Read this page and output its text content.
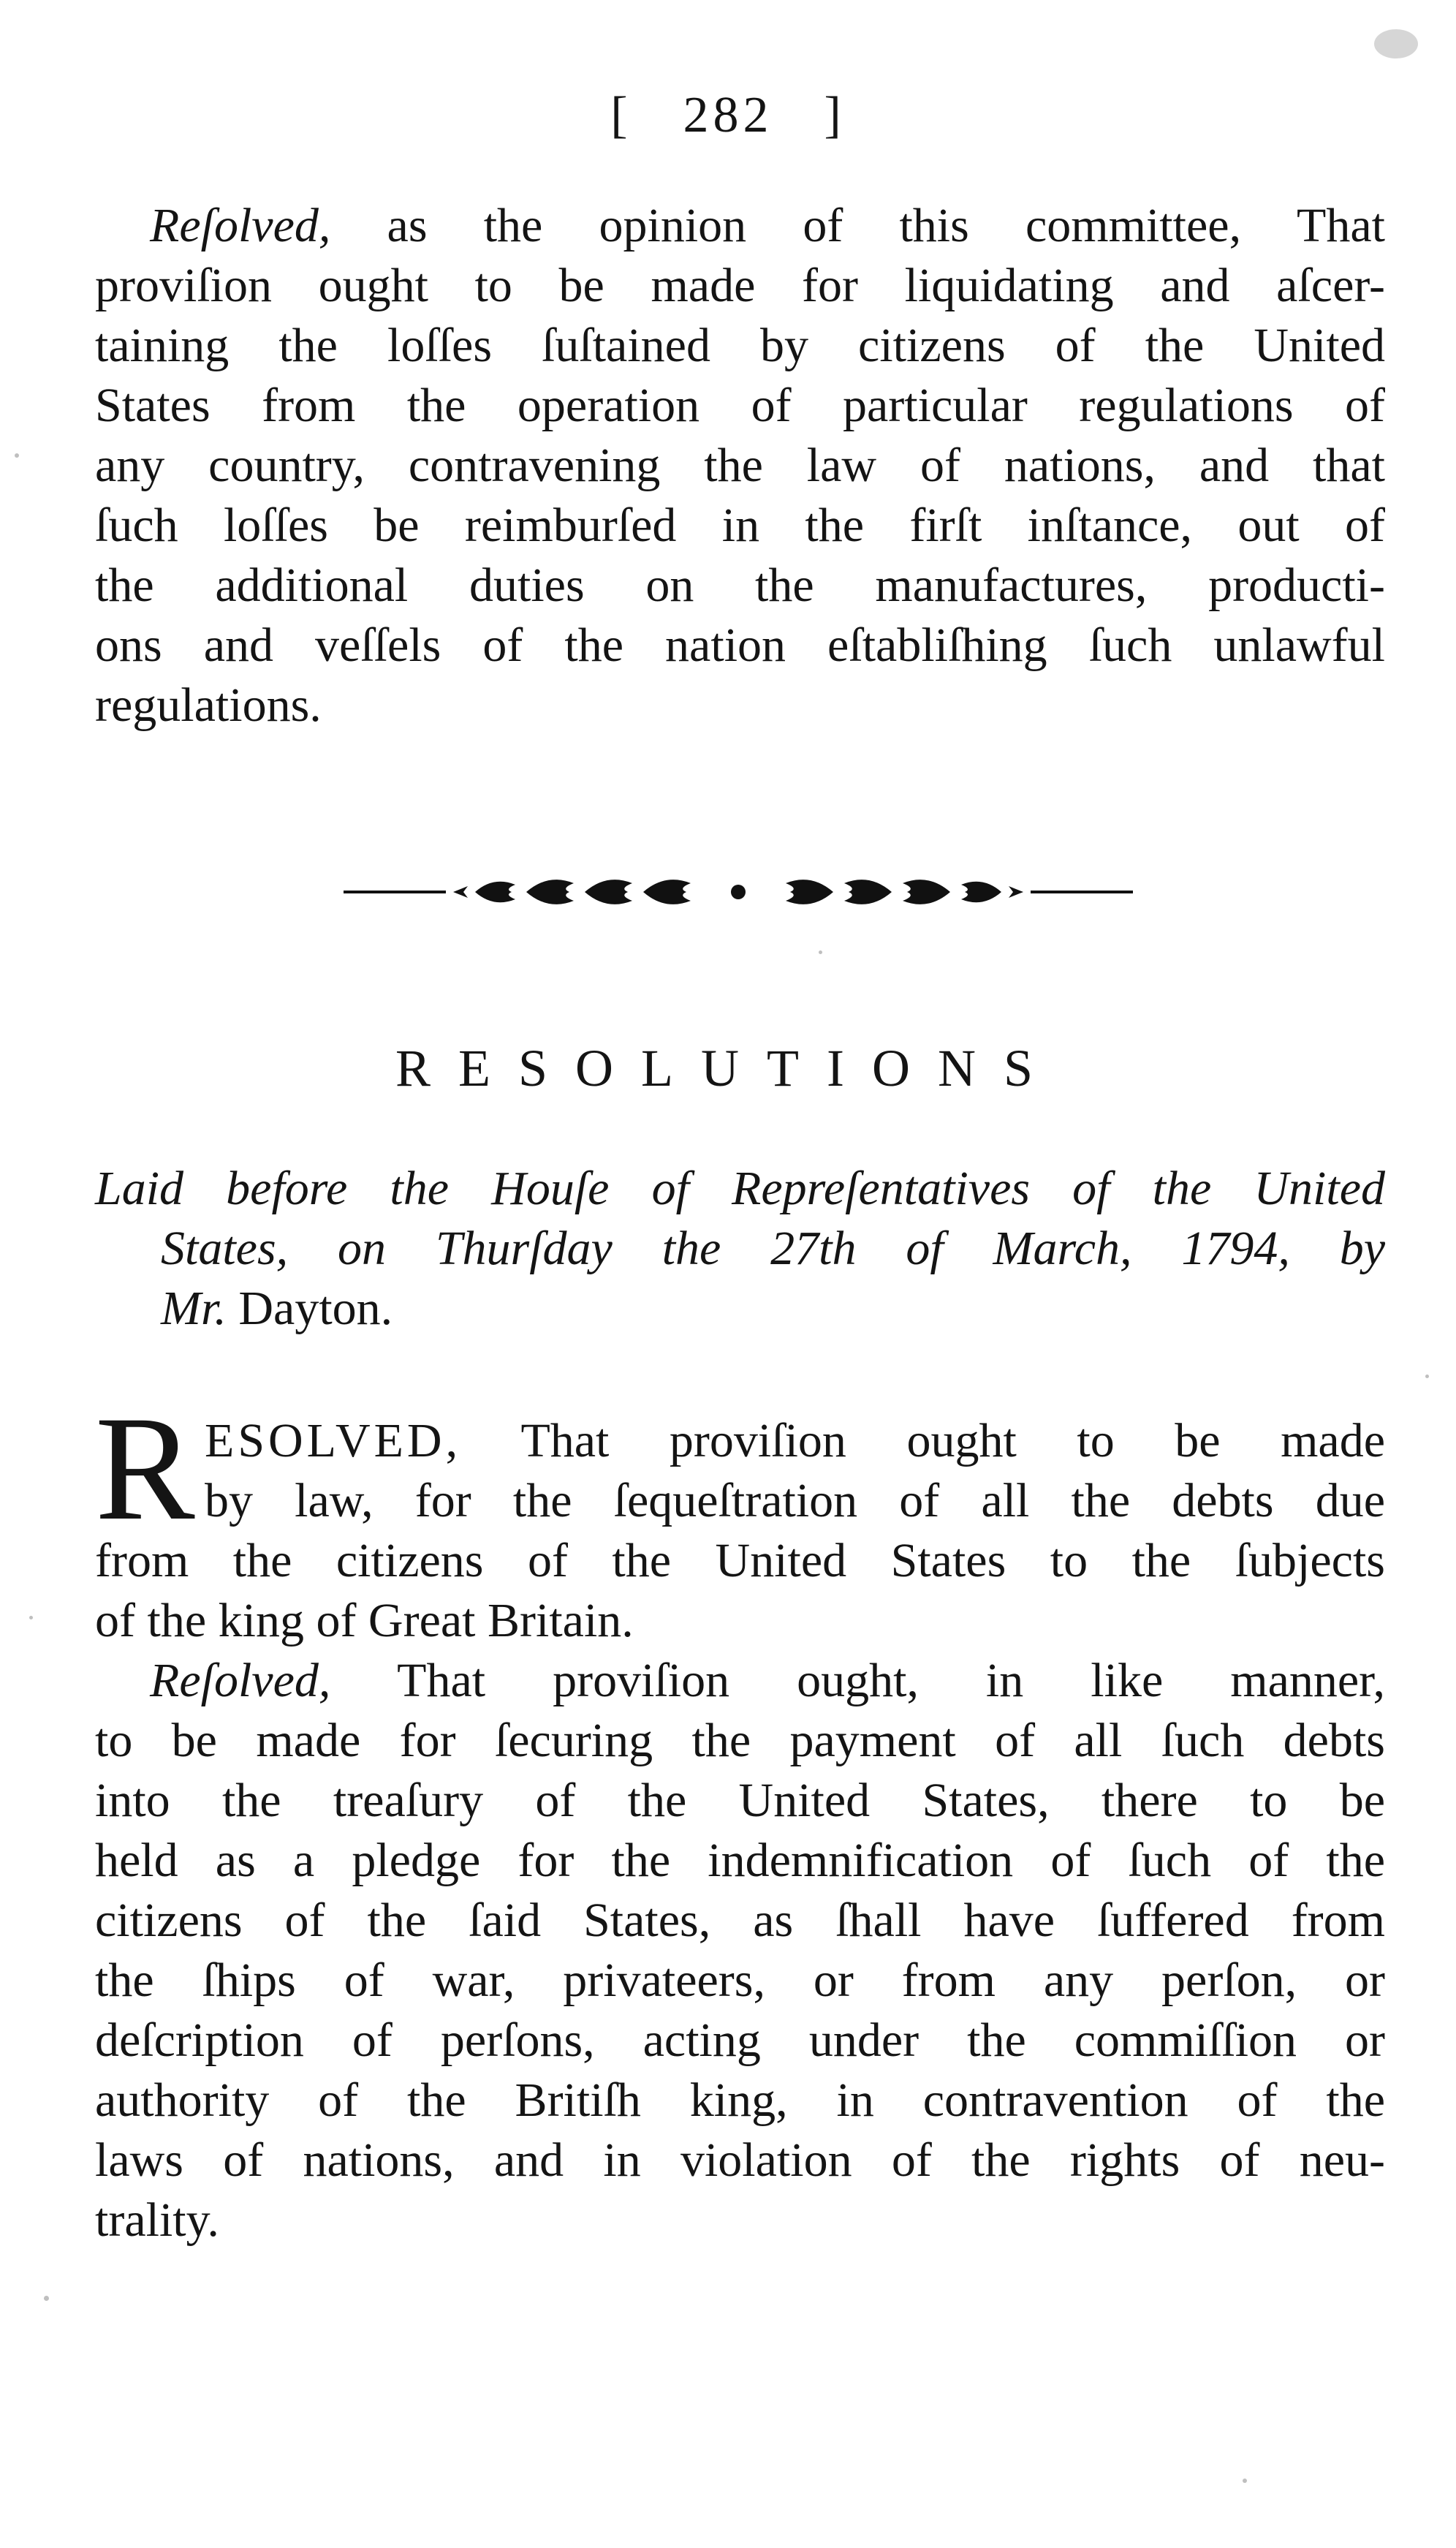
[ 282 ]
Reſolved, as the opinion of this committee, That
proviſion ought to be made for liquidating and aſcer-
taining the loſſes ſuſtained by citizens of the United
States from the operation of particular regulations of
any country, contravening the law of nations, and that
ſuch loſſes be reimburſed in the firſt inſtance, out of
the additional duties on the manufactures, producti-
ons and veſſels of the nation eſtabliſhing ſuch unlawful
regulations.
RESOLUTIONS
Laid before the Houſe of Repreſentatives of the United
States, on Thurſday the 27th of March, 1794, by
Mr. Dayton.
R ESOLVED, That proviſion ought to be made
by law, for the ſequeſtration of all the debts due
from the citizens of the United States to the ſubjects
of the king of Great Britain.
Reſolved, That proviſion ought, in like manner,
to be made for ſecuring the payment of all ſuch debts
into the treaſury of the United States, there to be
held as a pledge for the indemnification of ſuch of the
citizens of the ſaid States, as ſhall have ſuffered from
the ſhips of war, privateers, or from any perſon, or
deſcription of perſons, acting under the commiſſion or
authority of the Britiſh king, in contravention of the
laws of nations, and in violation of the rights of neu-
trality.
